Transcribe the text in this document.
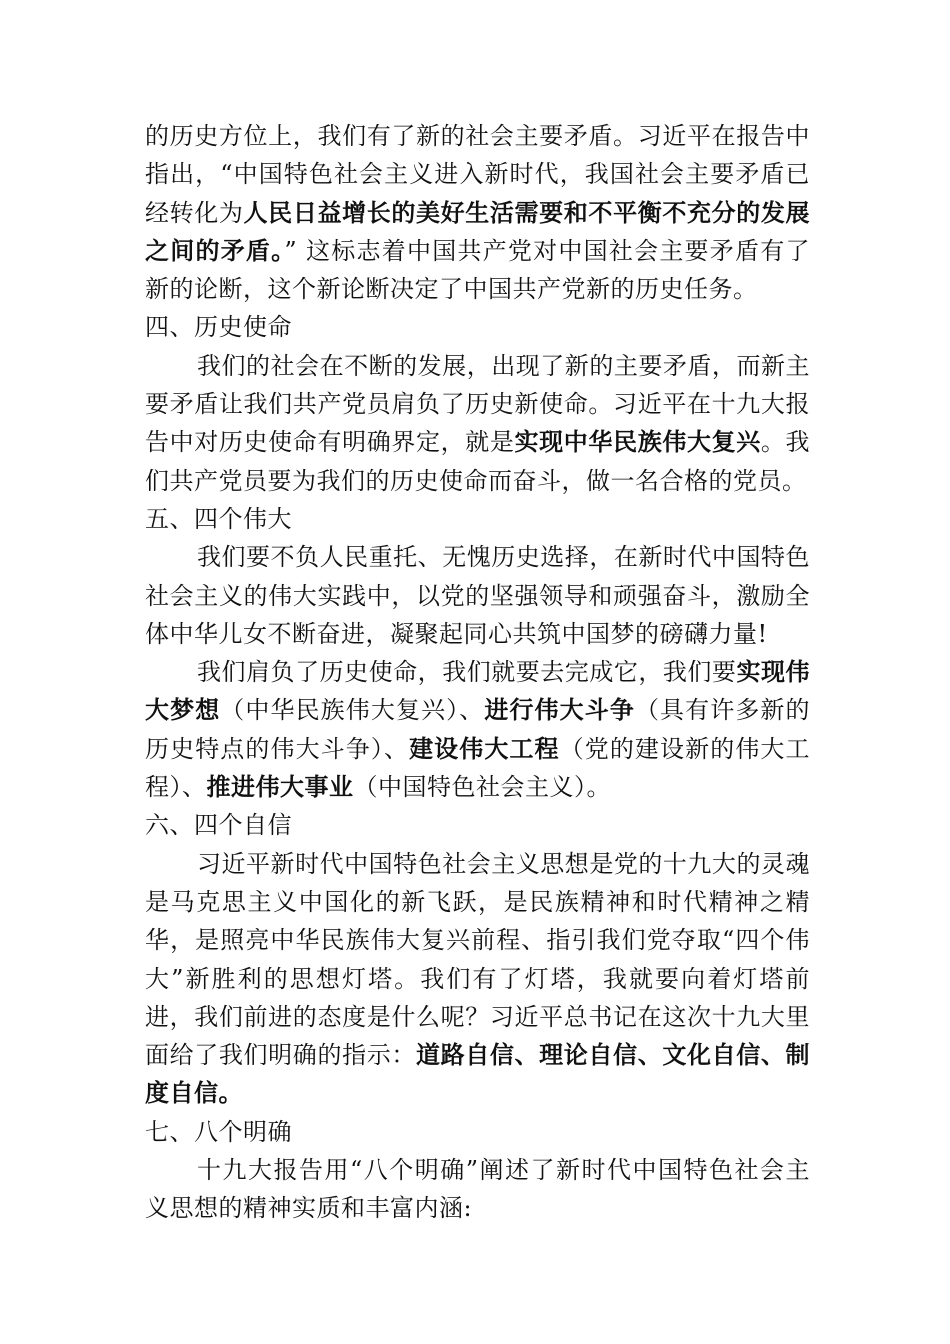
的历史方位上，我们有了新的社会主要矛盾。习近平在报告中指出，“中国特色社会主义进入新时代，我国社会主要矛盾已经转化为人民日益增长的美好生活需要和不平衡不充分的发展之间的矛盾。” 这标志着中国共产党对中国社会主要矛盾有了新的论断，这个新论断决定了中国共产党新的历史任务。

四、历史使命

我们的社会在不断的发展，出现了新的主要矛盾，而新主要矛盾让我们共产党员肩负了历史新使命。习近平在十九大报告中对历史使命有明确界定，就是实现中华民族伟大复兴。我们共产党员要为我们的历史使命而奋斗，做一名合格的党员。

五、四个伟大

我们要不负人民重托、无愧历史选择，在新时代中国特色社会主义的伟大实践中，以党的坚强领导和顽强奋斗，激励全体中华儿女不断奋进，凝聚起同心共筑中国梦的磅礴力量!

我们肩负了历史使命，我们就要去完成它，我们要实现伟大梦想（中华民族伟大复兴）、进行伟大斗争（具有许多新的历史特点的伟大斗争）、建设伟大工程（党的建设新的伟大工程）、推进伟大事业（中国特色社会主义）。

六、四个自信

习近平新时代中国特色社会主义思想是党的十九大的灵魂是马克思主义中国化的新飞跃，是民族精神和时代精神之精华，是照亮中华民族伟大复兴前程、指引我们党夺取“四个伟大”新胜利的思想灯塔。我们有了灯塔，我就要向着灯塔前进，我们前进的态度是什么呢？习近平总书记在这次十九大里面给了我们明确的指示：道路自信、理论自信、文化自信、制度自信。

七、八个明确

十九大报告用“八个明确”阐述了新时代中国特色社会主义思想的精神实质和丰富内涵:
